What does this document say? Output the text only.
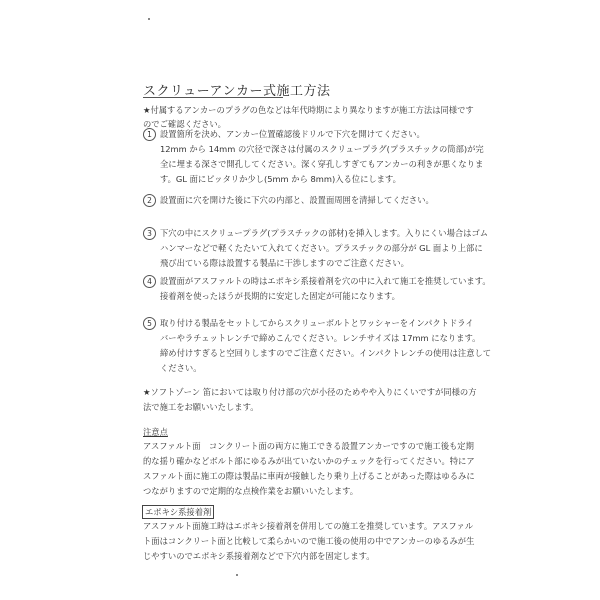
スクリューアンカー式施工方法
★付属するアンカーのプラグの色などは年代時期により異なりますが施工方法は同様です
のでご確認ください。
1 設置箇所を決め、アンカー位置確認後ドリルで下穴を開けてください。
12mm から 14mm の穴径で深さは付属のスクリュープラグ(プラスチックの筒部)が完
全に埋まる深さで開孔してください。深く穿孔しすぎてもアンカーの利きが悪くなりま
す。GL 面にピッタリか少し(5mm から 8mm)入る位にします。
2 設置面に穴を開けた後に下穴の内部と、設置面周囲を清掃してください。
3 下穴の中にスクリュープラグ(プラスチックの部材)を挿入します。入りにくい場合はゴム
ハンマーなどで軽くたたいて入れてください。プラスチックの部分が GL 面より上部に
飛び出ている際は設置する製品に干渉しますのでご注意ください。
4 設置面がアスファルトの時はエポキシ系接着剤を穴の中に入れて施工を推奨しています。
接着剤を使ったほうが長期的に安定した固定が可能になります。
5 取り付ける製品をセットしてからスクリューボルトとワッシャーをインパクトドライ
バーやラチェットレンチで締めこんでください。レンチサイズは 17mm になります。
締め付けすぎると空回りしますのでご注意ください。インパクトレンチの使用は注意して
ください。
★ソフトゾーン 笛においては取り付け部の穴が小径のためやや入りにくいですが同様の方
法で施工をお願いいたします。
注意点
アスファルト面　コンクリート面の両方に施工できる設置アンカーですので施工後も定期
的な揺り確かなどボルト部にゆるみが出ていないかのチェックを行ってください。特にア
スファルト面に施工の際は製品に車両が接触したり乗り上げることがあった際はゆるみに
つながりますので定期的な点検作業をお願いいたします。
エポキシ系接着剤
アスファルト面施工時はエポキシ接着剤を併用しての施工を推奨しています。アスファル
ト面はコンクリート面と比較して柔らかいので施工後の使用の中でアンカーのゆるみが生
じやすいのでエポキシ系接着剤などで下穴内部を固定します。
